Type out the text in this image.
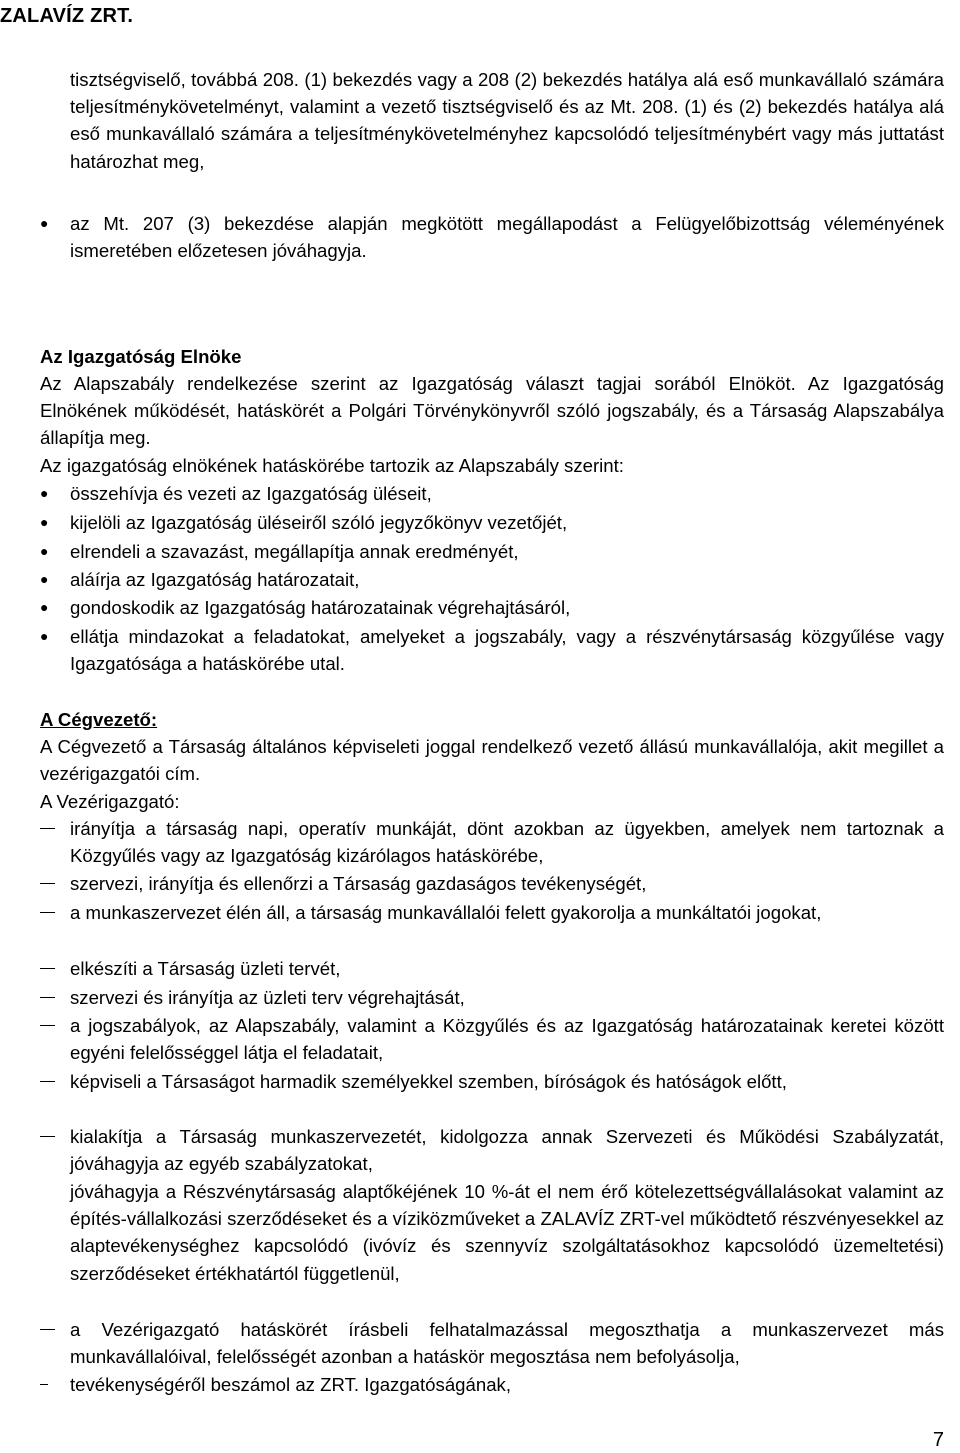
ZALAVÍZ ZRT.
tisztségviselő, továbbá 208. (1) bekezdés vagy a 208 (2) bekezdés hatálya alá eső munkavállaló számára teljesítménykövetelményt, valamint a vezető tisztségviselő és az Mt. 208. (1) és (2) bekezdés hatálya alá eső munkavállaló számára a teljesítménykövetelményhez kapcsolódó teljesítménybért vagy más juttatást határozhat meg,
●	az Mt. 207 (3) bekezdése alapján megkötött megállapodást a Felügyelőbizottság véleményének ismeretében előzetesen jóváhagyja.
Az Igazgatóság Elnöke
Az Alapszabály rendelkezése szerint az Igazgatóság választ tagjai sorából Elnököt. Az Igazgatóság Elnökének működését, hatáskörét a Polgári Törvénykönyvről szóló jogszabály, és a Társaság Alapszabálya állapítja meg.
Az igazgatóság elnökének hatáskörébe tartozik az Alapszabály szerint:
●	összehívja és vezeti az Igazgatóság üléseit,
●	kijelöli az Igazgatóság üléseiről szóló jegyzőkönyv vezetőjét,
●	elrendeli a szavazást, megállapítja annak eredményét,
●	aláírja az Igazgatóság határozatait,
●	gondoskodik az Igazgatóság határozatainak végrehajtásáról,
●	ellátja mindazokat a feladatokat, amelyeket a jogszabály, vagy a részvénytársaság közgyűlése vagy Igazgatósága a hatáskörébe utal.
A Cégvezető:
A Cégvezető a Társaság általános képviseleti joggal rendelkező vezető állású munkavállalója, akit megillet a vezérigazgatói cím.
A Vezérigazgató:
irányítja a társaság napi, operatív munkáját, dönt azokban az ügyekben, amelyek nem tartoznak a Közgyűlés vagy az Igazgatóság kizárólagos hatáskörébe,
szervezi, irányítja és ellenőrzi a Társaság gazdaságos tevékenységét,
a munkaszervezet élén áll, a társaság munkavállalói felett gyakorolja a munkáltatói jogokat,
elkészíti a Társaság üzleti tervét,
szervezi és irányítja az üzleti terv végrehajtását,
a jogszabályok, az Alapszabály, valamint a Közgyűlés és az Igazgatóság határozatainak keretei között egyéni felelősséggel látja el feladatait,
képviseli a Társaságot harmadik személyekkel szemben, bíróságok és hatóságok előtt,
kialakítja a Társaság munkaszervezetét, kidolgozza annak Szervezeti és Működési Szabályzatát, jóváhagyja az egyéb szabályzatokat,
jóváhagyja a Részvénytársaság alaptőkéjének 10 %-át el nem érő kötelezettségvállalásokat valamint az építés-vállalkozási szerződéseket és a víziközműveket a ZALAVÍZ ZRT-vel működtető részvényesekkel az alaptevékenységhez kapcsolódó (ivóvíz és szennyvíz szolgáltatásokhoz kapcsolódó üzemeltetési) szerződéseket értékhatártól függetlenül,
a Vezérigazgató hatáskörét írásbeli felhatalmazással megoszthatja a munkaszervezet más munkavállalóival, felelősségét azonban a hatáskör megosztása nem befolyásolja,
tevékenységéről beszámol az ZRT. Igazgatóságának,
7
